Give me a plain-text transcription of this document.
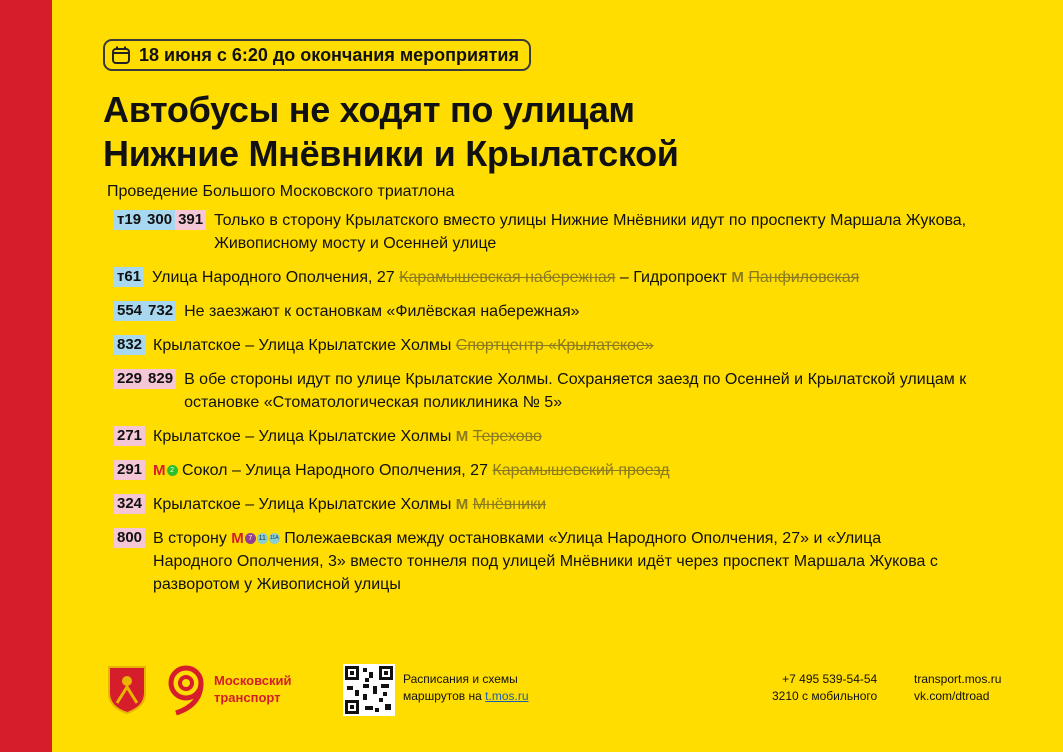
18 июня с 6:20 до окончания мероприятия
Автобусы не ходят по улицам
Нижние Мнёвники и Крылатской
Проведение Большого Московского триатлона
т19 300 391 Только в сторону Крылатского вместо улицы Нижние Мнёвники идут по проспекту Маршала Жукова, Живописному мосту и Осенней улице
т61 Улица Народного Ополчения, 27 Карамышевская набережная – Гидропроект М Панфиловская
554 732 Не заезжают к остановкам «Филёвская набережная»
832 Крылатское – Улица Крылатские Холмы Спортцентр «Крылатское»
229 829 В обе стороны идут по улице Крылатские Холмы. Сохраняется заезд по Осенней и Крылатской улицам к остановке «Стоматологическая поликлиника № 5»
271 Крылатское – Улица Крылатские Холмы М Терехово
291 М 2 Сокол – Улица Народного Ополчения, 27 Карамышевский проезд
324 Крылатское – Улица Крылатские Холмы М Мнёвники
800 В сторону М 7 11 11А Полежаевская между остановками «Улица Народного Ополчения, 27» и «Улица Народного Ополчения, 3» вместо тоннеля под улицей Мнёвники идёт через проспект Маршала Жукова с разворотом у Живописной улицы
Московский
транспорт
Расписания и схемы
маршрутов на t.mos.ru
+7 495 539-54-54
3210 с мобильного
transport.mos.ru
vk.com/dtroad
